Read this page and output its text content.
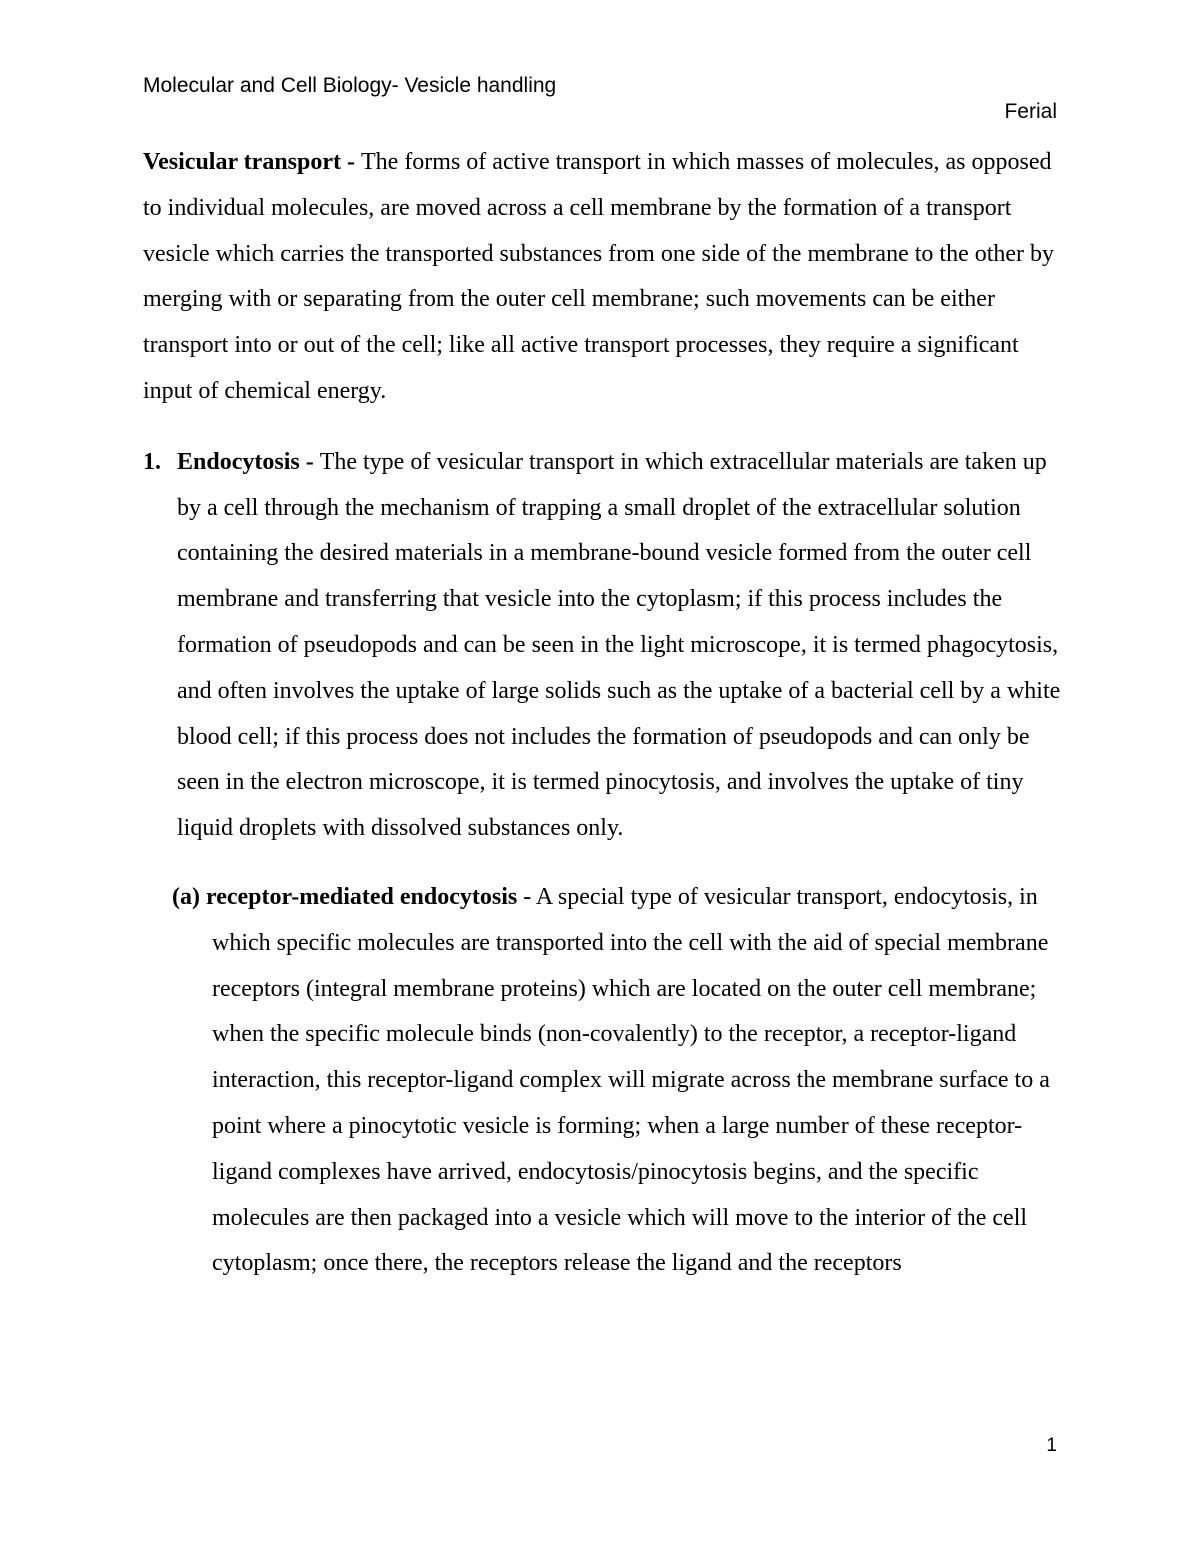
Molecular and Cell Biology- Vesicle handling
Ferial

Vesicular transport - The forms of active transport in which masses of molecules, as opposed to individual molecules, are moved across a cell membrane by the formation of a transport vesicle which carries the transported substances from one side of the membrane to the other by merging with or separating from the outer cell membrane; such movements can be either transport into or out of the cell; like all active transport processes, they require a significant input of chemical energy.

1. Endocytosis - The type of vesicular transport in which extracellular materials are taken up by a cell through the mechanism of trapping a small droplet of the extracellular solution containing the desired materials in a membrane-bound vesicle formed from the outer cell membrane and transferring that vesicle into the cytoplasm; if this process includes the formation of pseudopods and can be seen in the light microscope, it is termed phagocytosis, and often involves the uptake of large solids such as the uptake of a bacterial cell by a white blood cell; if this process does not includes the formation of pseudopods and can only be seen in the electron microscope, it is termed pinocytosis, and involves the uptake of tiny liquid droplets with dissolved substances only.

(a) receptor-mediated endocytosis - A special type of vesicular transport, endocytosis, in which specific molecules are transported into the cell with the aid of special membrane receptors (integral membrane proteins) which are located on the outer cell membrane; when the specific molecule binds (non-covalently) to the receptor, a receptor-ligand interaction, this receptor-ligand complex will migrate across the membrane surface to a point where a pinocytotic vesicle is forming; when a large number of these receptor-ligand complexes have arrived, endocytosis/pinocytosis begins, and the specific molecules are then packaged into a vesicle which will move to the interior of the cell cytoplasm; once there, the receptors release the ligand and the receptors

1
